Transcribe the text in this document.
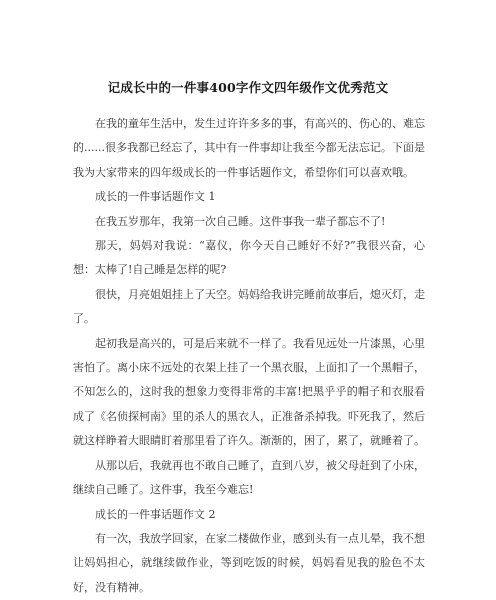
记成长中的一件事400字作文四年级作文优秀范文

在我的童年生活中，发生过许许多多的事，有高兴的、伤心的、难忘的......很多我都已经忘了，其中有一件事却让我至今都无法忘记。下面是我为大家带来的四年级成长的一件事话题作文，希望你们可以喜欢哦。

成长的一件事话题作文 1

在我五岁那年，我第一次自己睡。这件事我一辈子都忘不了!

那天，妈妈对我说：“嘉仪，你今天自己睡好不好?”我很兴奋，心想：太棒了!自己睡是怎样的呢?

很快，月亮姐姐挂上了天空。妈妈给我讲完睡前故事后，熄灭灯，走了。

起初我是高兴的，可是后来就不一样了。我看见远处一片漆黑，心里害怕了。离小床不远处的衣架上挂了一个黑衣服，上面扣了一个黑帽子，不知怎么的，这时我的想象力变得非常的丰富!把黑乎乎的帽子和衣服看成了《名侦探柯南》里的杀人的黑衣人，正准备杀掉我。吓死我了，然后就这样睁着大眼睛盯着那里看了许久。渐渐的，困了，累了，就睡着了。

从那以后，我就再也不敢自己睡了，直到八岁，被父母赶到了小床，继续自己睡了。这件事，我至今难忘!

成长的一件事话题作文 2

有一次，我放学回家，在家二楼做作业，感到头有一点儿晕，我不想让妈妈担心，就继续做作业，等到吃饭的时候，妈妈看见我的脸色不太好，没有精神。
